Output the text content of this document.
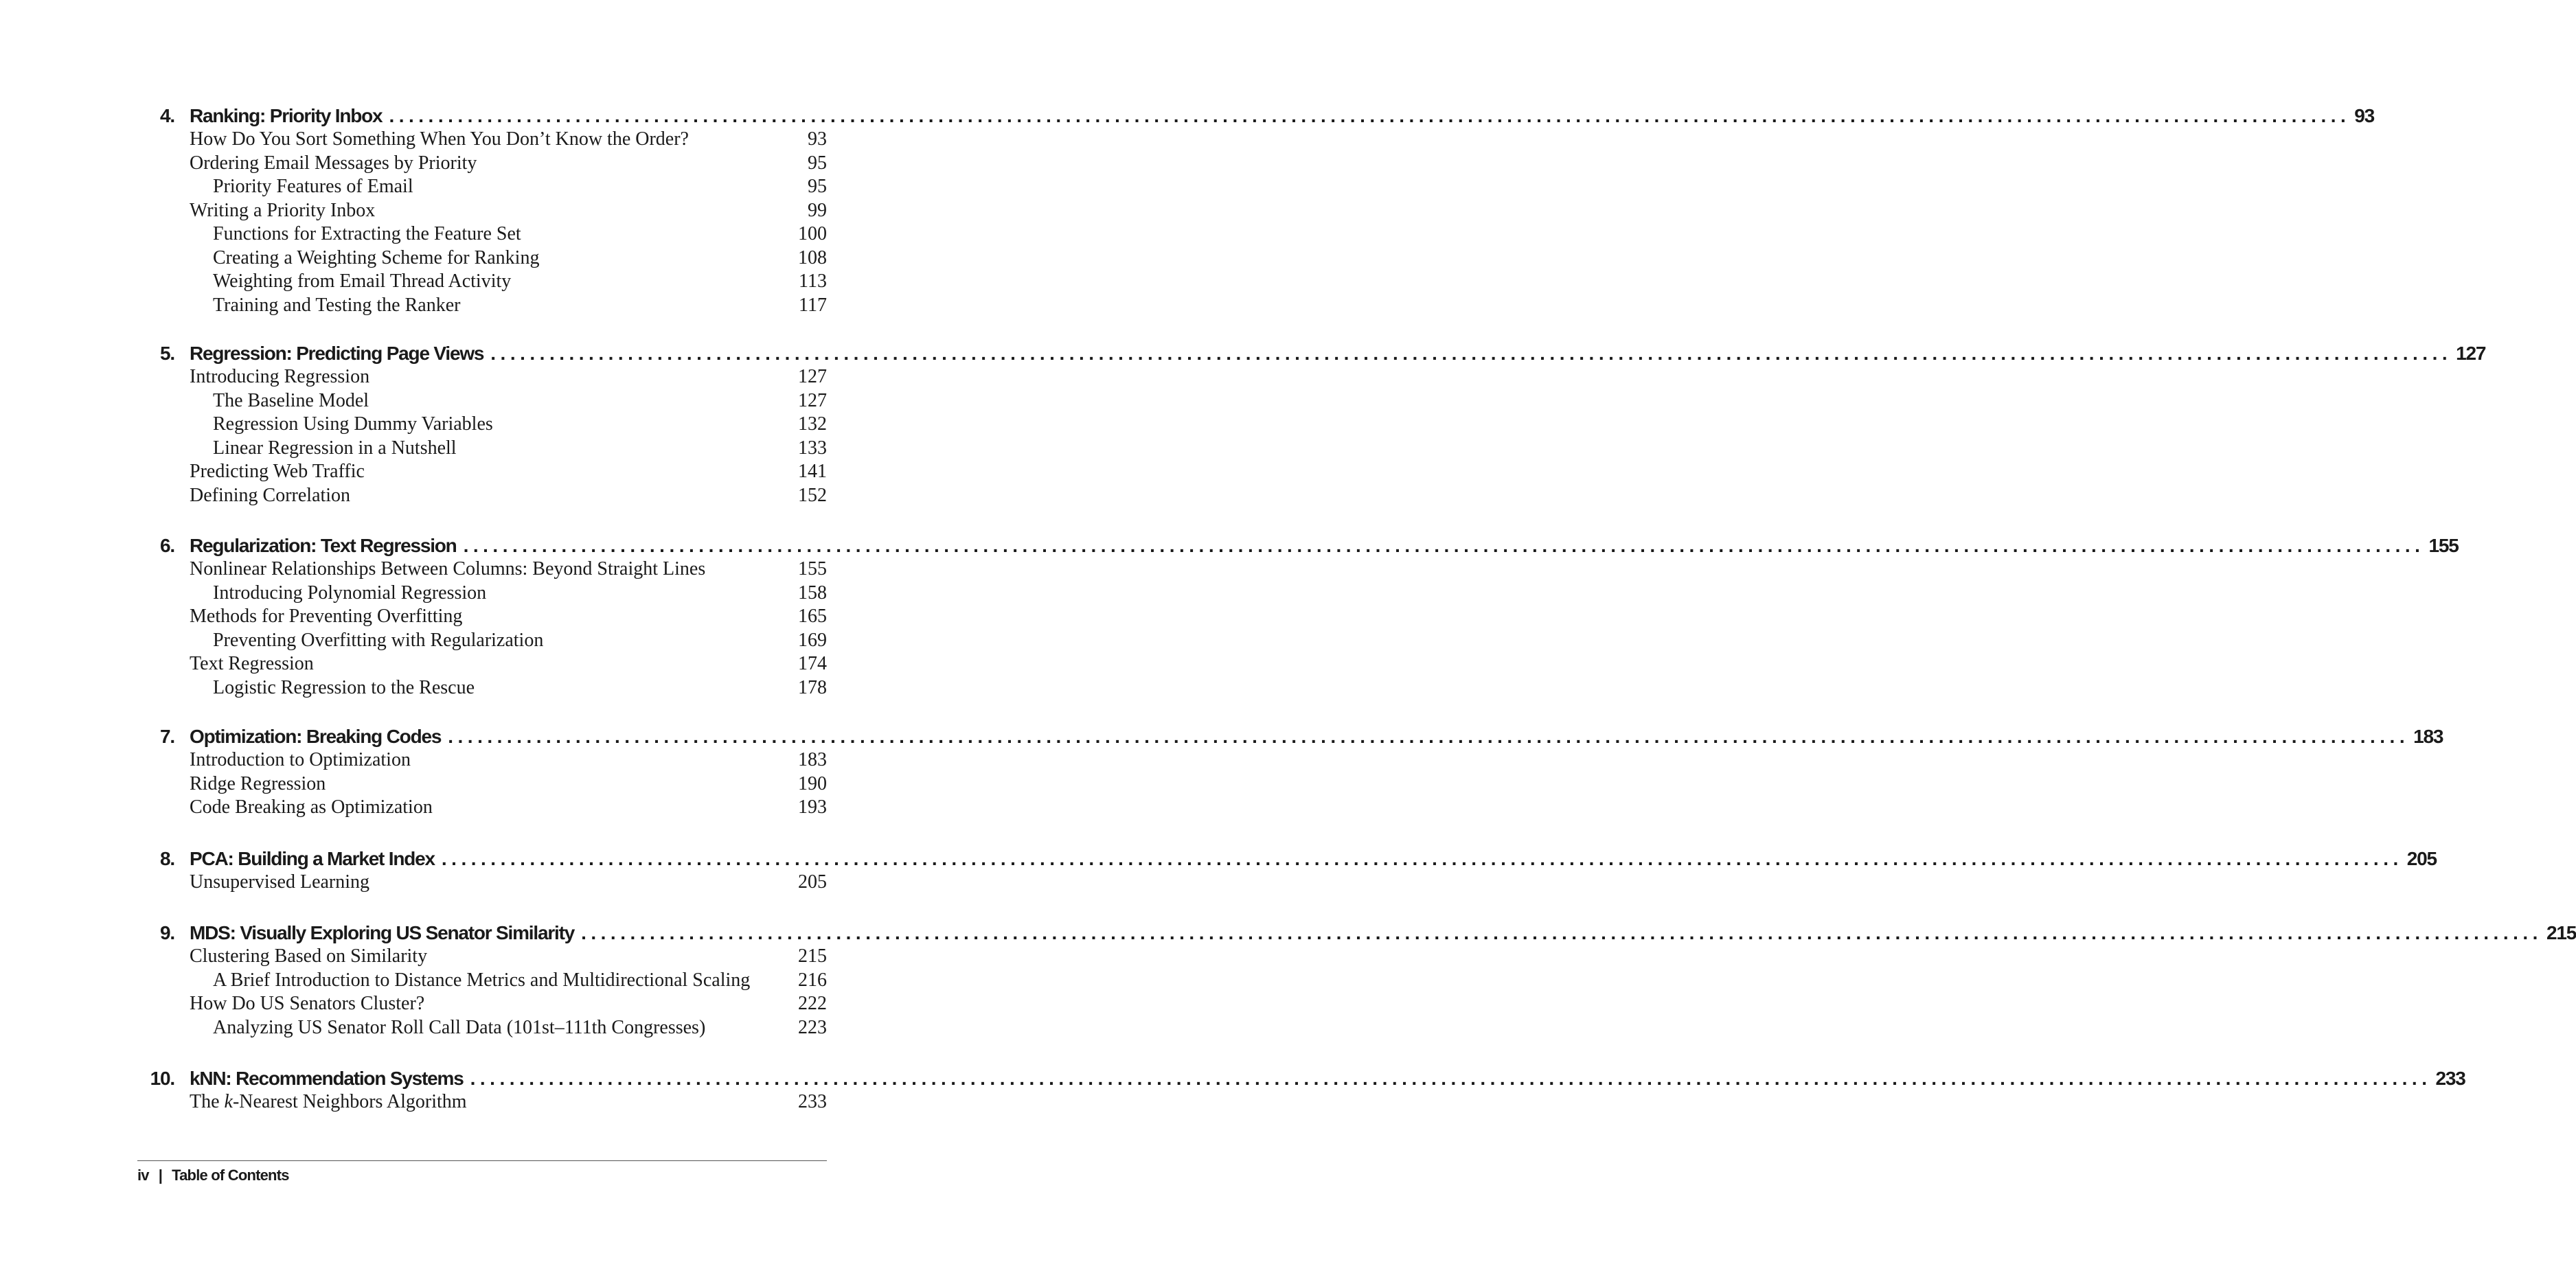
4. Ranking: Priority Inbox ........................................................................................................................................................................................................ 93
How Do You Sort Something When You Don’t Know the Order?	93
Ordering Email Messages by Priority	95
Priority Features of Email	95
Writing a Priority Inbox	99
Functions for Extracting the Feature Set	100
Creating a Weighting Scheme for Ranking	108
Weighting from Email Thread Activity	113
Training and Testing the Ranker	117
5. Regression: Predicting Page Views ........................................................................................................................................................................................................ 127
Introducing Regression	127
The Baseline Model	127
Regression Using Dummy Variables	132
Linear Regression in a Nutshell	133
Predicting Web Traffic	141
Defining Correlation	152
6. Regularization: Text Regression ........................................................................................................................................................................................................ 155
Nonlinear Relationships Between Columns: Beyond Straight Lines	155
Introducing Polynomial Regression	158
Methods for Preventing Overfitting	165
Preventing Overfitting with Regularization	169
Text Regression	174
Logistic Regression to the Rescue	178
7. Optimization: Breaking Codes ........................................................................................................................................................................................................ 183
Introduction to Optimization	183
Ridge Regression	190
Code Breaking as Optimization	193
8. PCA: Building a Market Index ........................................................................................................................................................................................................ 205
Unsupervised Learning	205
9. MDS: Visually Exploring US Senator Similarity ........................................................................................................................................................................................................ 215
Clustering Based on Similarity	215
A Brief Introduction to Distance Metrics and Multidirectional Scaling 216
How Do US Senators Cluster?	222
Analyzing US Senator Roll Call Data (101st–111th Congresses)	223
10. kNN: Recommendation Systems ........................................................................................................................................................................................................ 233
The k-Nearest Neighbors Algorithm	233
iv | Table of Contents
